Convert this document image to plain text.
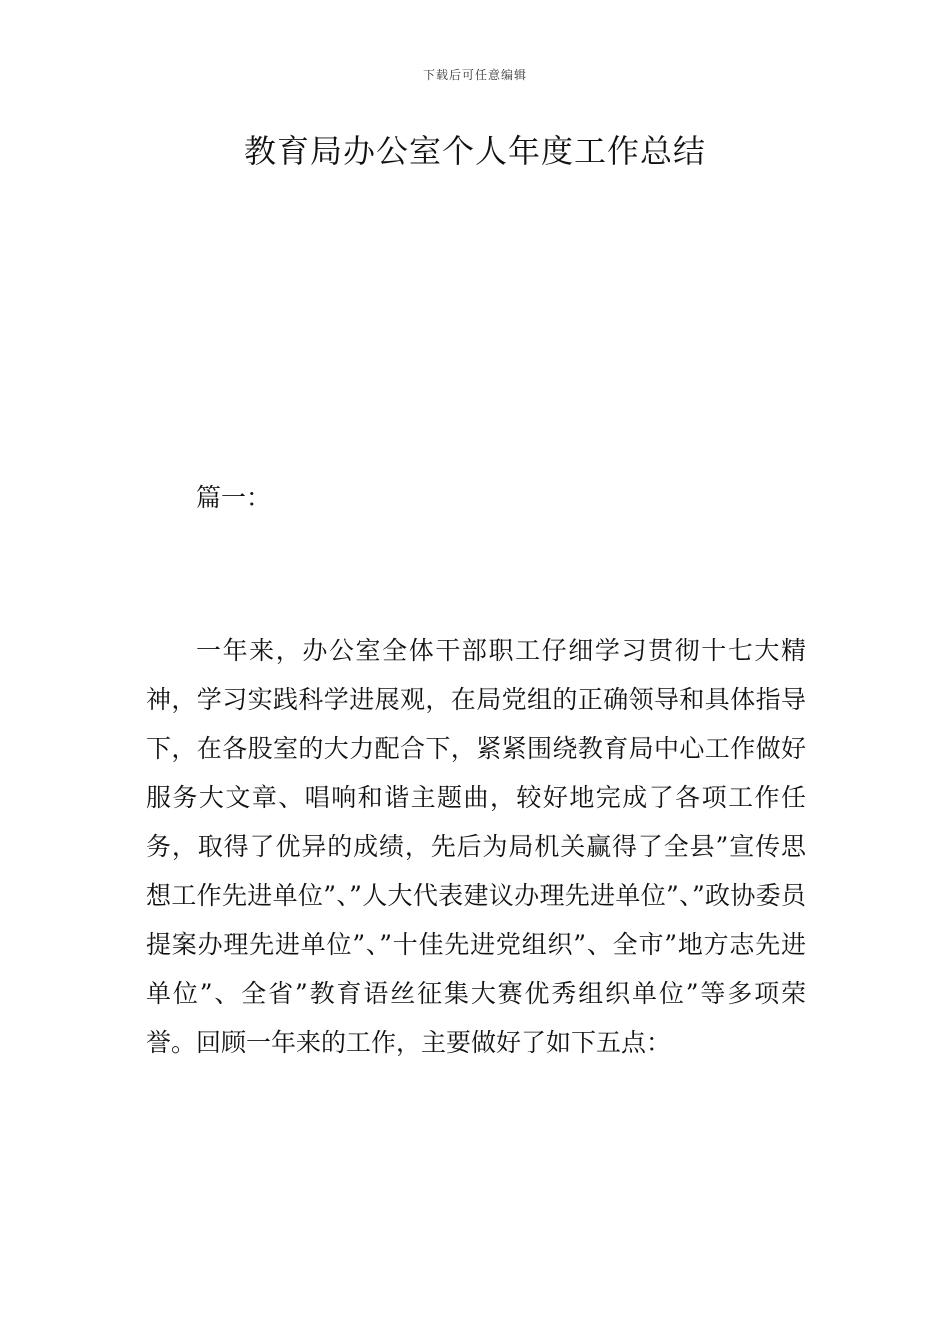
下载后可任意编辑
教育局办公室个人年度工作总结
篇一：

一年来，办公室全体干部职工仔细学习贯彻十七大精神，学习实践科学进展观，在局党组的正确领导和具体指导下，在各股室的大力配合下，紧紧围绕教育局中心工作做好服务大文章、唱响和谐主题曲，较好地完成了各项工作任务，取得了优异的成绩，先后为局机关赢得了全县”宣传思想工作先进单位”、”人大代表建议办理先进单位”、”政协委员提案办理先进单位”、”十佳先进党组织”、全市”地方志先进单位”、全省”教育语丝征集大赛优秀组织单位”等多项荣誉。回顾一年来的工作，主要做好了如下五点：
